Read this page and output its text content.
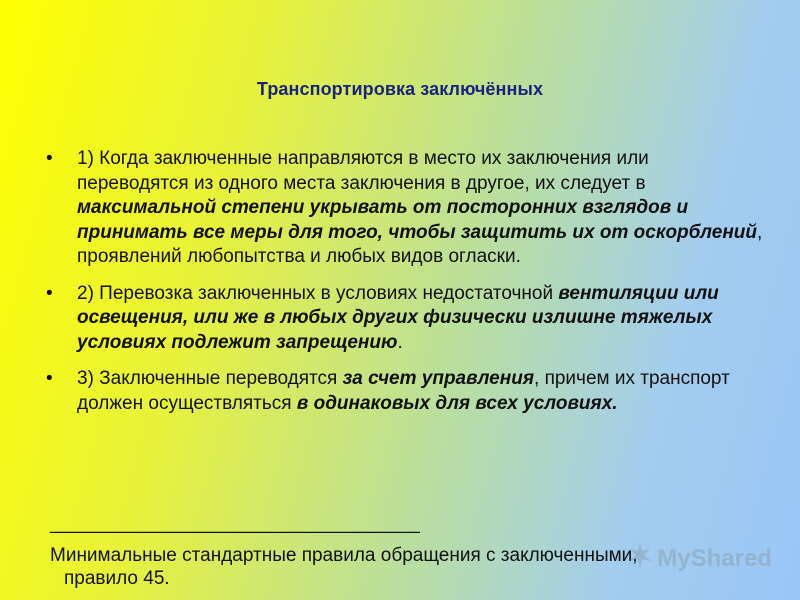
Транспортировка заключённых
• 1) Когда заключенные направляются в место их заключения или переводятся из одного места заключения в другое, их следует в максимальной степени укрывать от посторонних взглядов и принимать все меры для того, чтобы защитить их от оскорблений, проявлений любопытства и любых видов огласки.
• 2) Перевозка заключенных в условиях недостаточной вентиляции или освещения, или же в любых других физически излишне тяжелых условиях подлежит запрещению.
• 3) Заключенные переводятся за счет управления, причем их транспорт должен осуществляться в одинаковых для всех условиях.
___________________________________
Минимальные стандартные правила обращения с заключенными,
правило 45.
MyShared
